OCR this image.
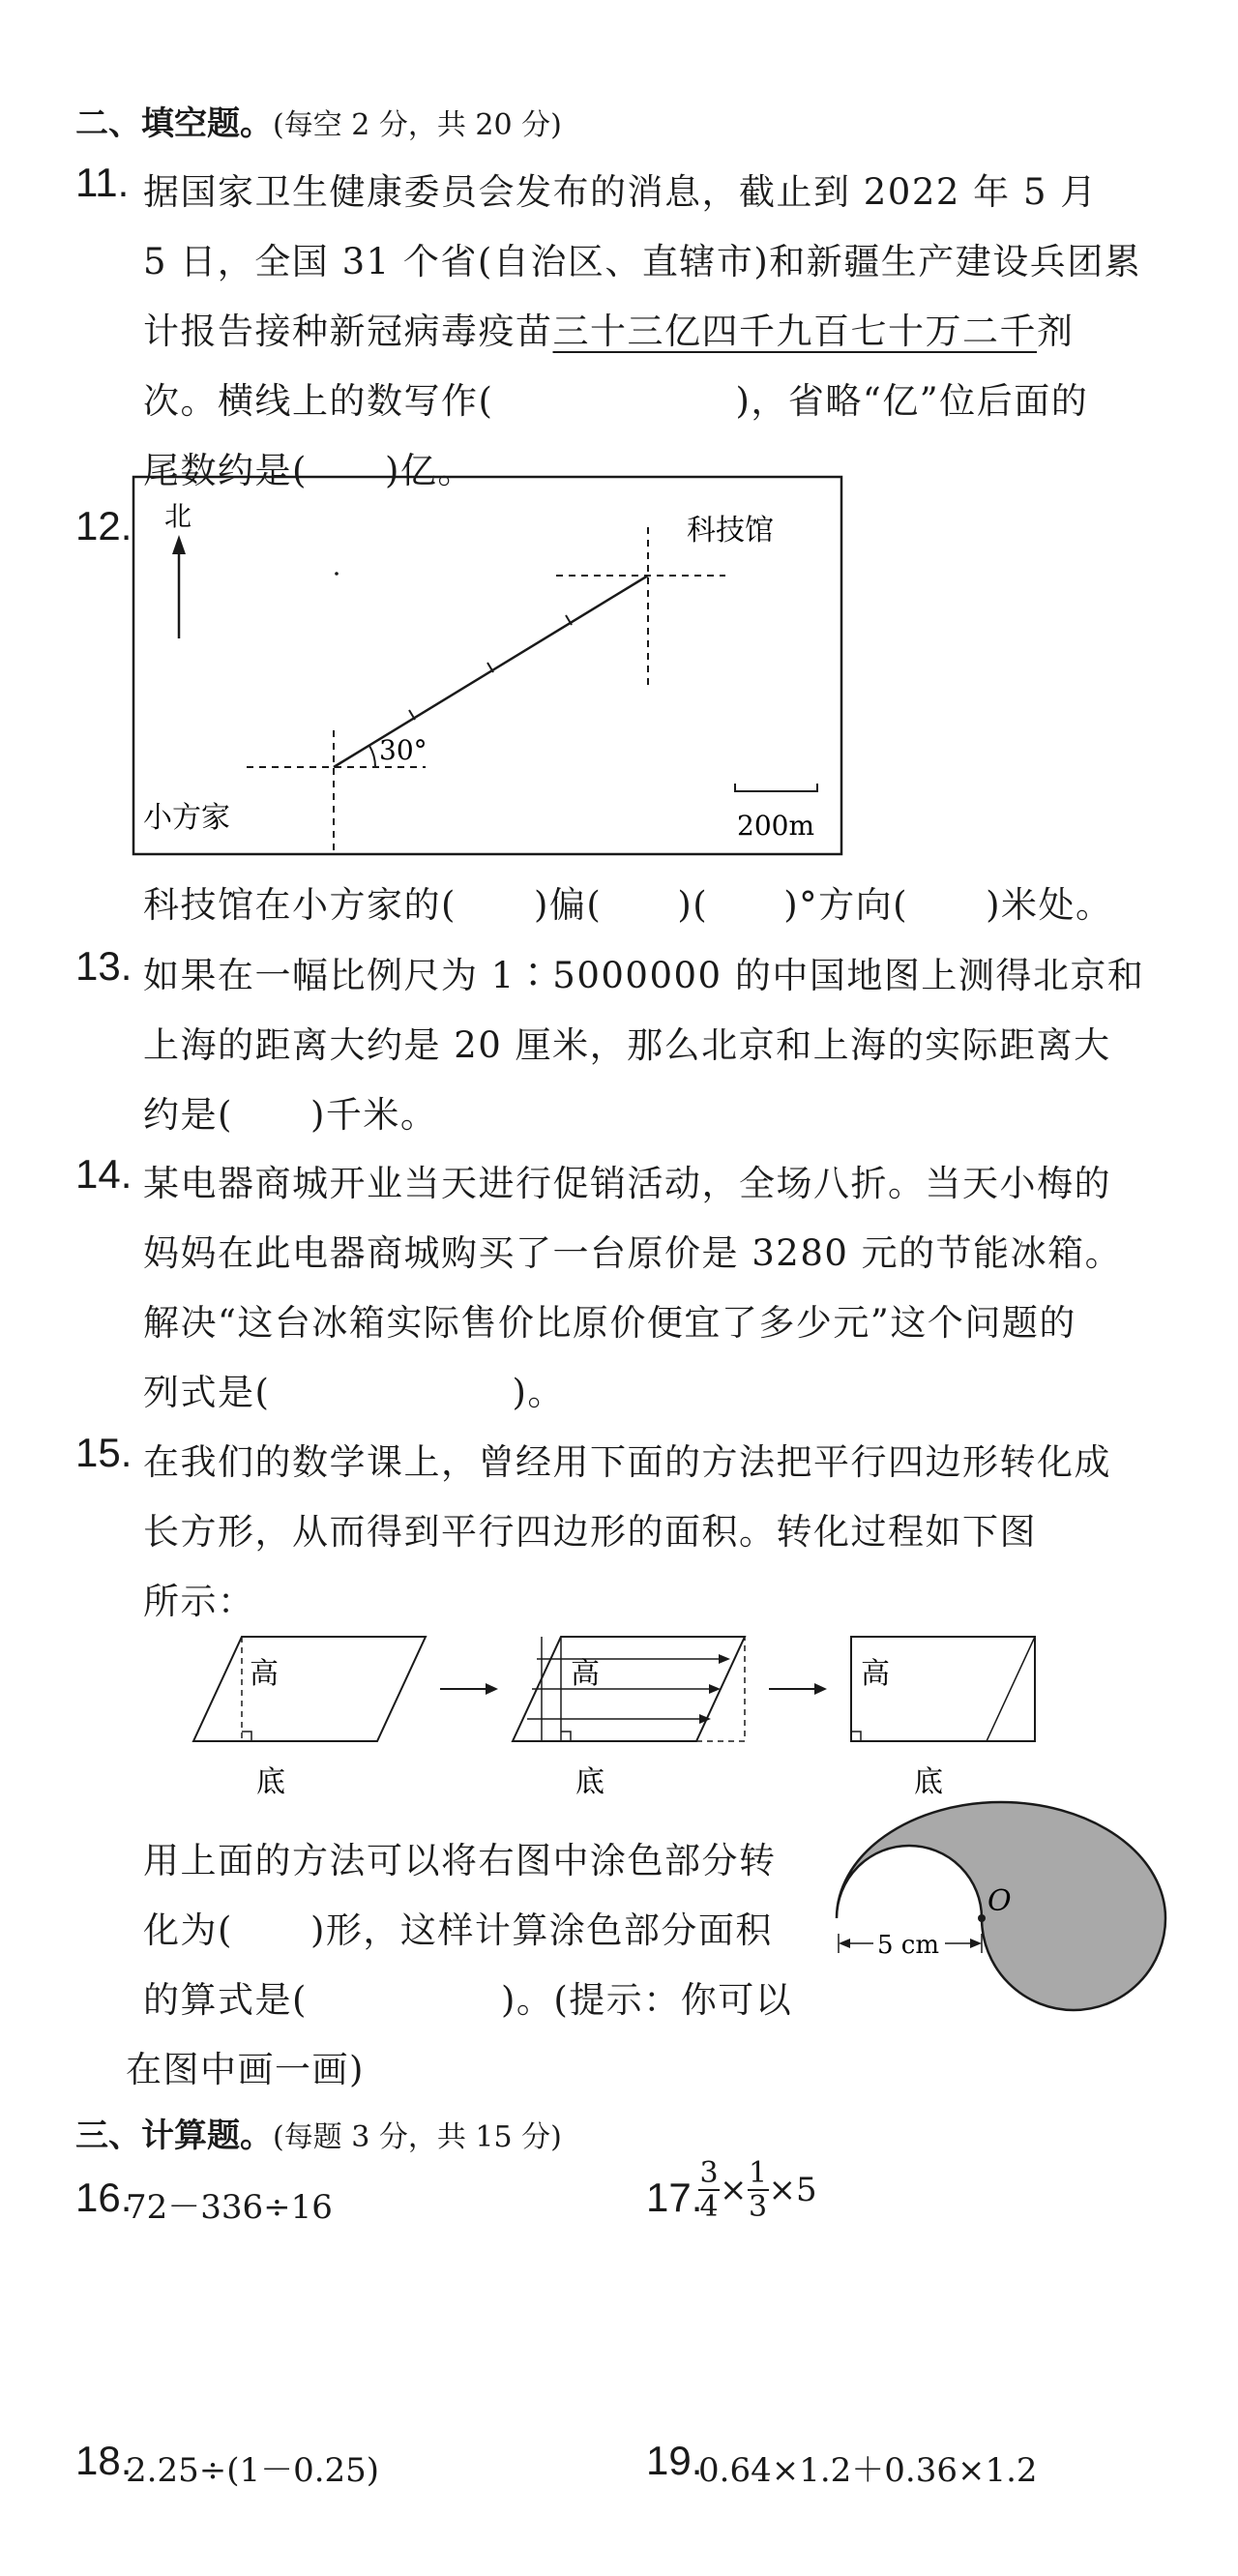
二、填空题。(每空 2 分，共 20 分)
11. 据国家卫生健康委员会发布的消息，截止到 2022 年 5 月
5 日，全国 31 个省(自治区、直辖市)和新疆生产建设兵团累
计报告接种新冠病毒疫苗三十三亿四千九百七十万二千剂
次。横线上的数写作(	)，省略“亿”位后面的
尾数约是( )亿。
12. 北
30°
科技馆
小方家	200m
科技馆在小方家的( )偏( )( )°方向( )米处。
13. 如果在一幅比例尺为 1∶5000000 的中国地图上测得北京和
上海的距离大约是 20 厘米，那么北京和上海的实际距离大
约是( )千米。
14. 某电器商城开业当天进行促销活动，全场八折。当天小梅的
妈妈在此电器商城购买了一台原价是 3280 元的节能冰箱。
解决“这台冰箱实际售价比原价便宜了多少元”这个问题的
列式是(	)。
15. 在我们的数学课上，曾经用下面的方法把平行四边形转化成
长方形，从而得到平行四边形的面积。转化过程如下图
所示：
高
底
高
底
高
底
用上面的方法可以将右图中涂色部分转
化为( )形，这样计算涂色部分面积
的算式是(	)。(提示：你可以
在图中画一画)
O
5 cm
三、计算题。(每题 3 分，共 15 分)
16.
72－336÷16	17.
$\frac{3}{4} \times \frac{1}{3} \times 5$
18.
2.25÷(1－0.25)	19.
0.64×1.2＋0.36×1.2
